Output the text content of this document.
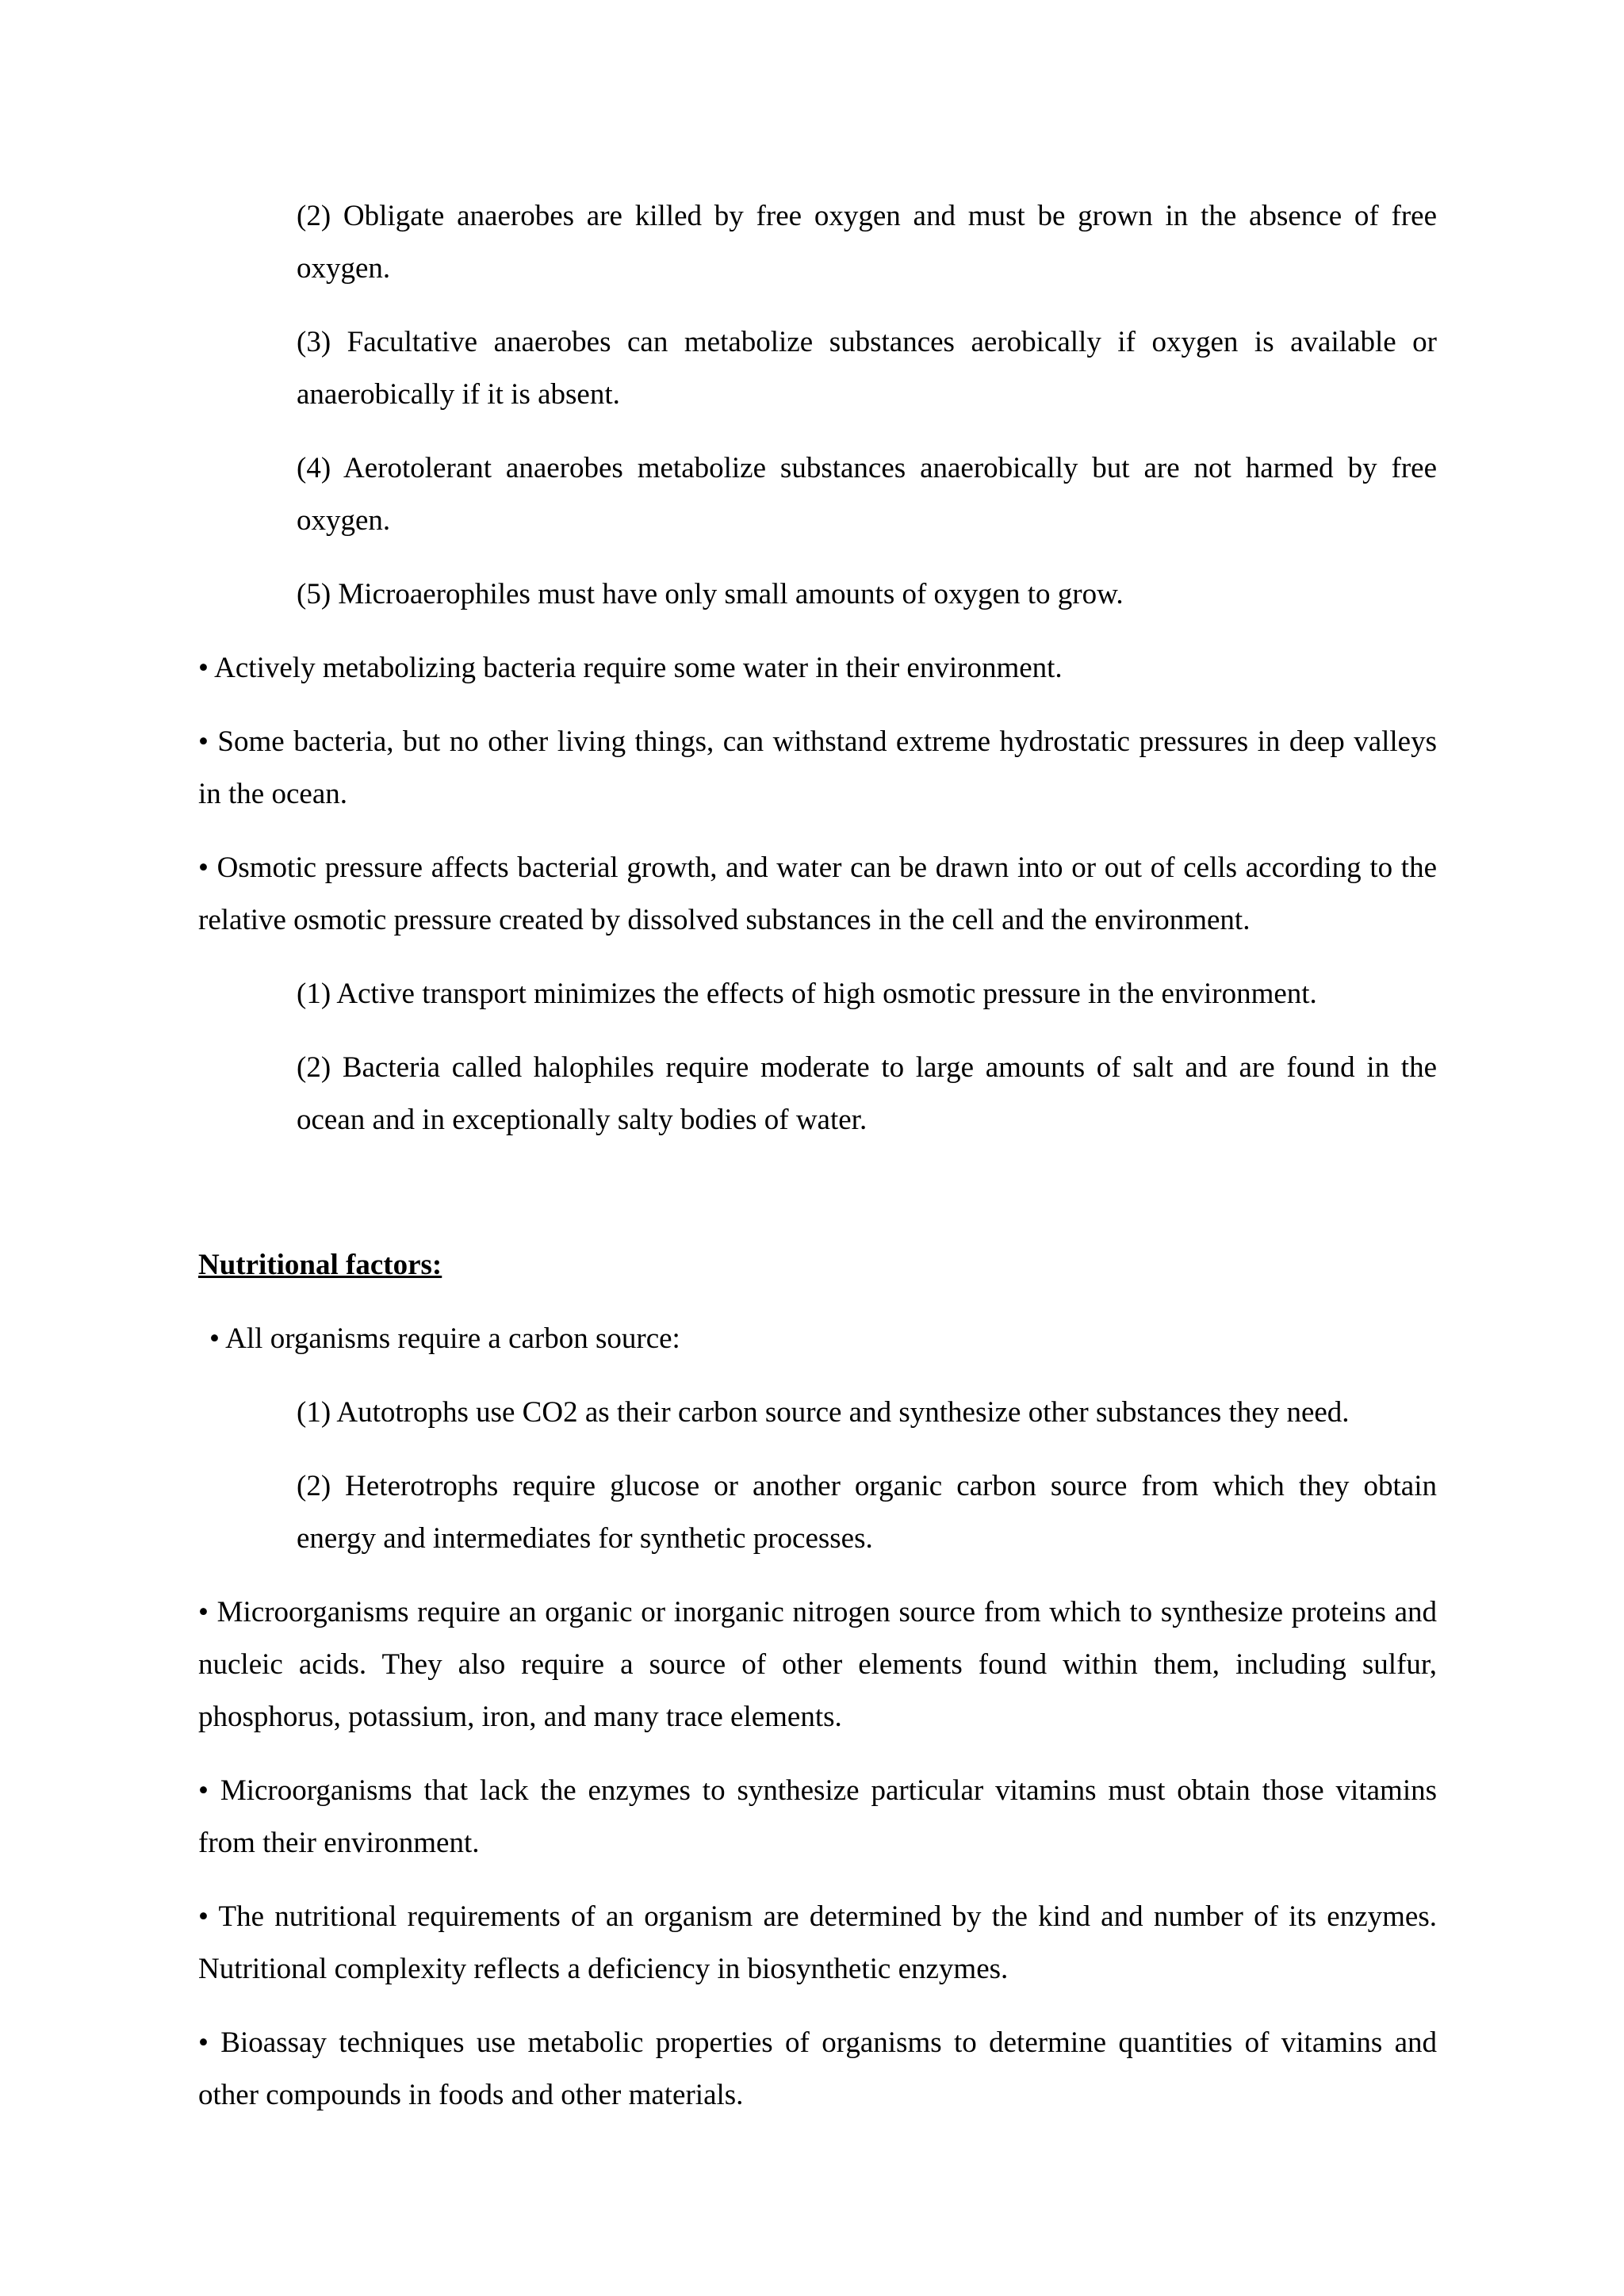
(2) Obligate anaerobes are killed by free oxygen and must be grown in the absence of free oxygen.

(3) Facultative anaerobes can metabolize substances aerobically if oxygen is available or anaerobically if it is absent.

(4) Aerotolerant anaerobes metabolize substances anaerobically but are not harmed by free oxygen.

(5) Microaerophiles must have only small amounts of oxygen to grow.

• Actively metabolizing bacteria require some water in their environment.

• Some bacteria, but no other living things, can withstand extreme hydrostatic pressures in deep valleys in the ocean.

• Osmotic pressure affects bacterial growth, and water can be drawn into or out of cells according to the relative osmotic pressure created by dissolved substances in the cell and the environment.

(1) Active transport minimizes the effects of high osmotic pressure in the environment.

(2) Bacteria called halophiles require moderate to large amounts of salt and are found in the ocean and in exceptionally salty bodies of water.

Nutritional factors:

• All organisms require a carbon source:

(1) Autotrophs use CO2 as their carbon source and synthesize other substances they need.

(2) Heterotrophs require glucose or another organic carbon source from which they obtain energy and intermediates for synthetic processes.

• Microorganisms require an organic or inorganic nitrogen source from which to synthesize proteins and nucleic acids. They also require a source of other elements found within them, including sulfur, phosphorus, potassium, iron, and many trace elements.

• Microorganisms that lack the enzymes to synthesize particular vitamins must obtain those vitamins from their environment.

• The nutritional requirements of an organism are determined by the kind and number of its enzymes. Nutritional complexity reflects a deficiency in biosynthetic enzymes.

• Bioassay techniques use metabolic properties of organisms to determine quantities of vitamins and other compounds in foods and other materials.
